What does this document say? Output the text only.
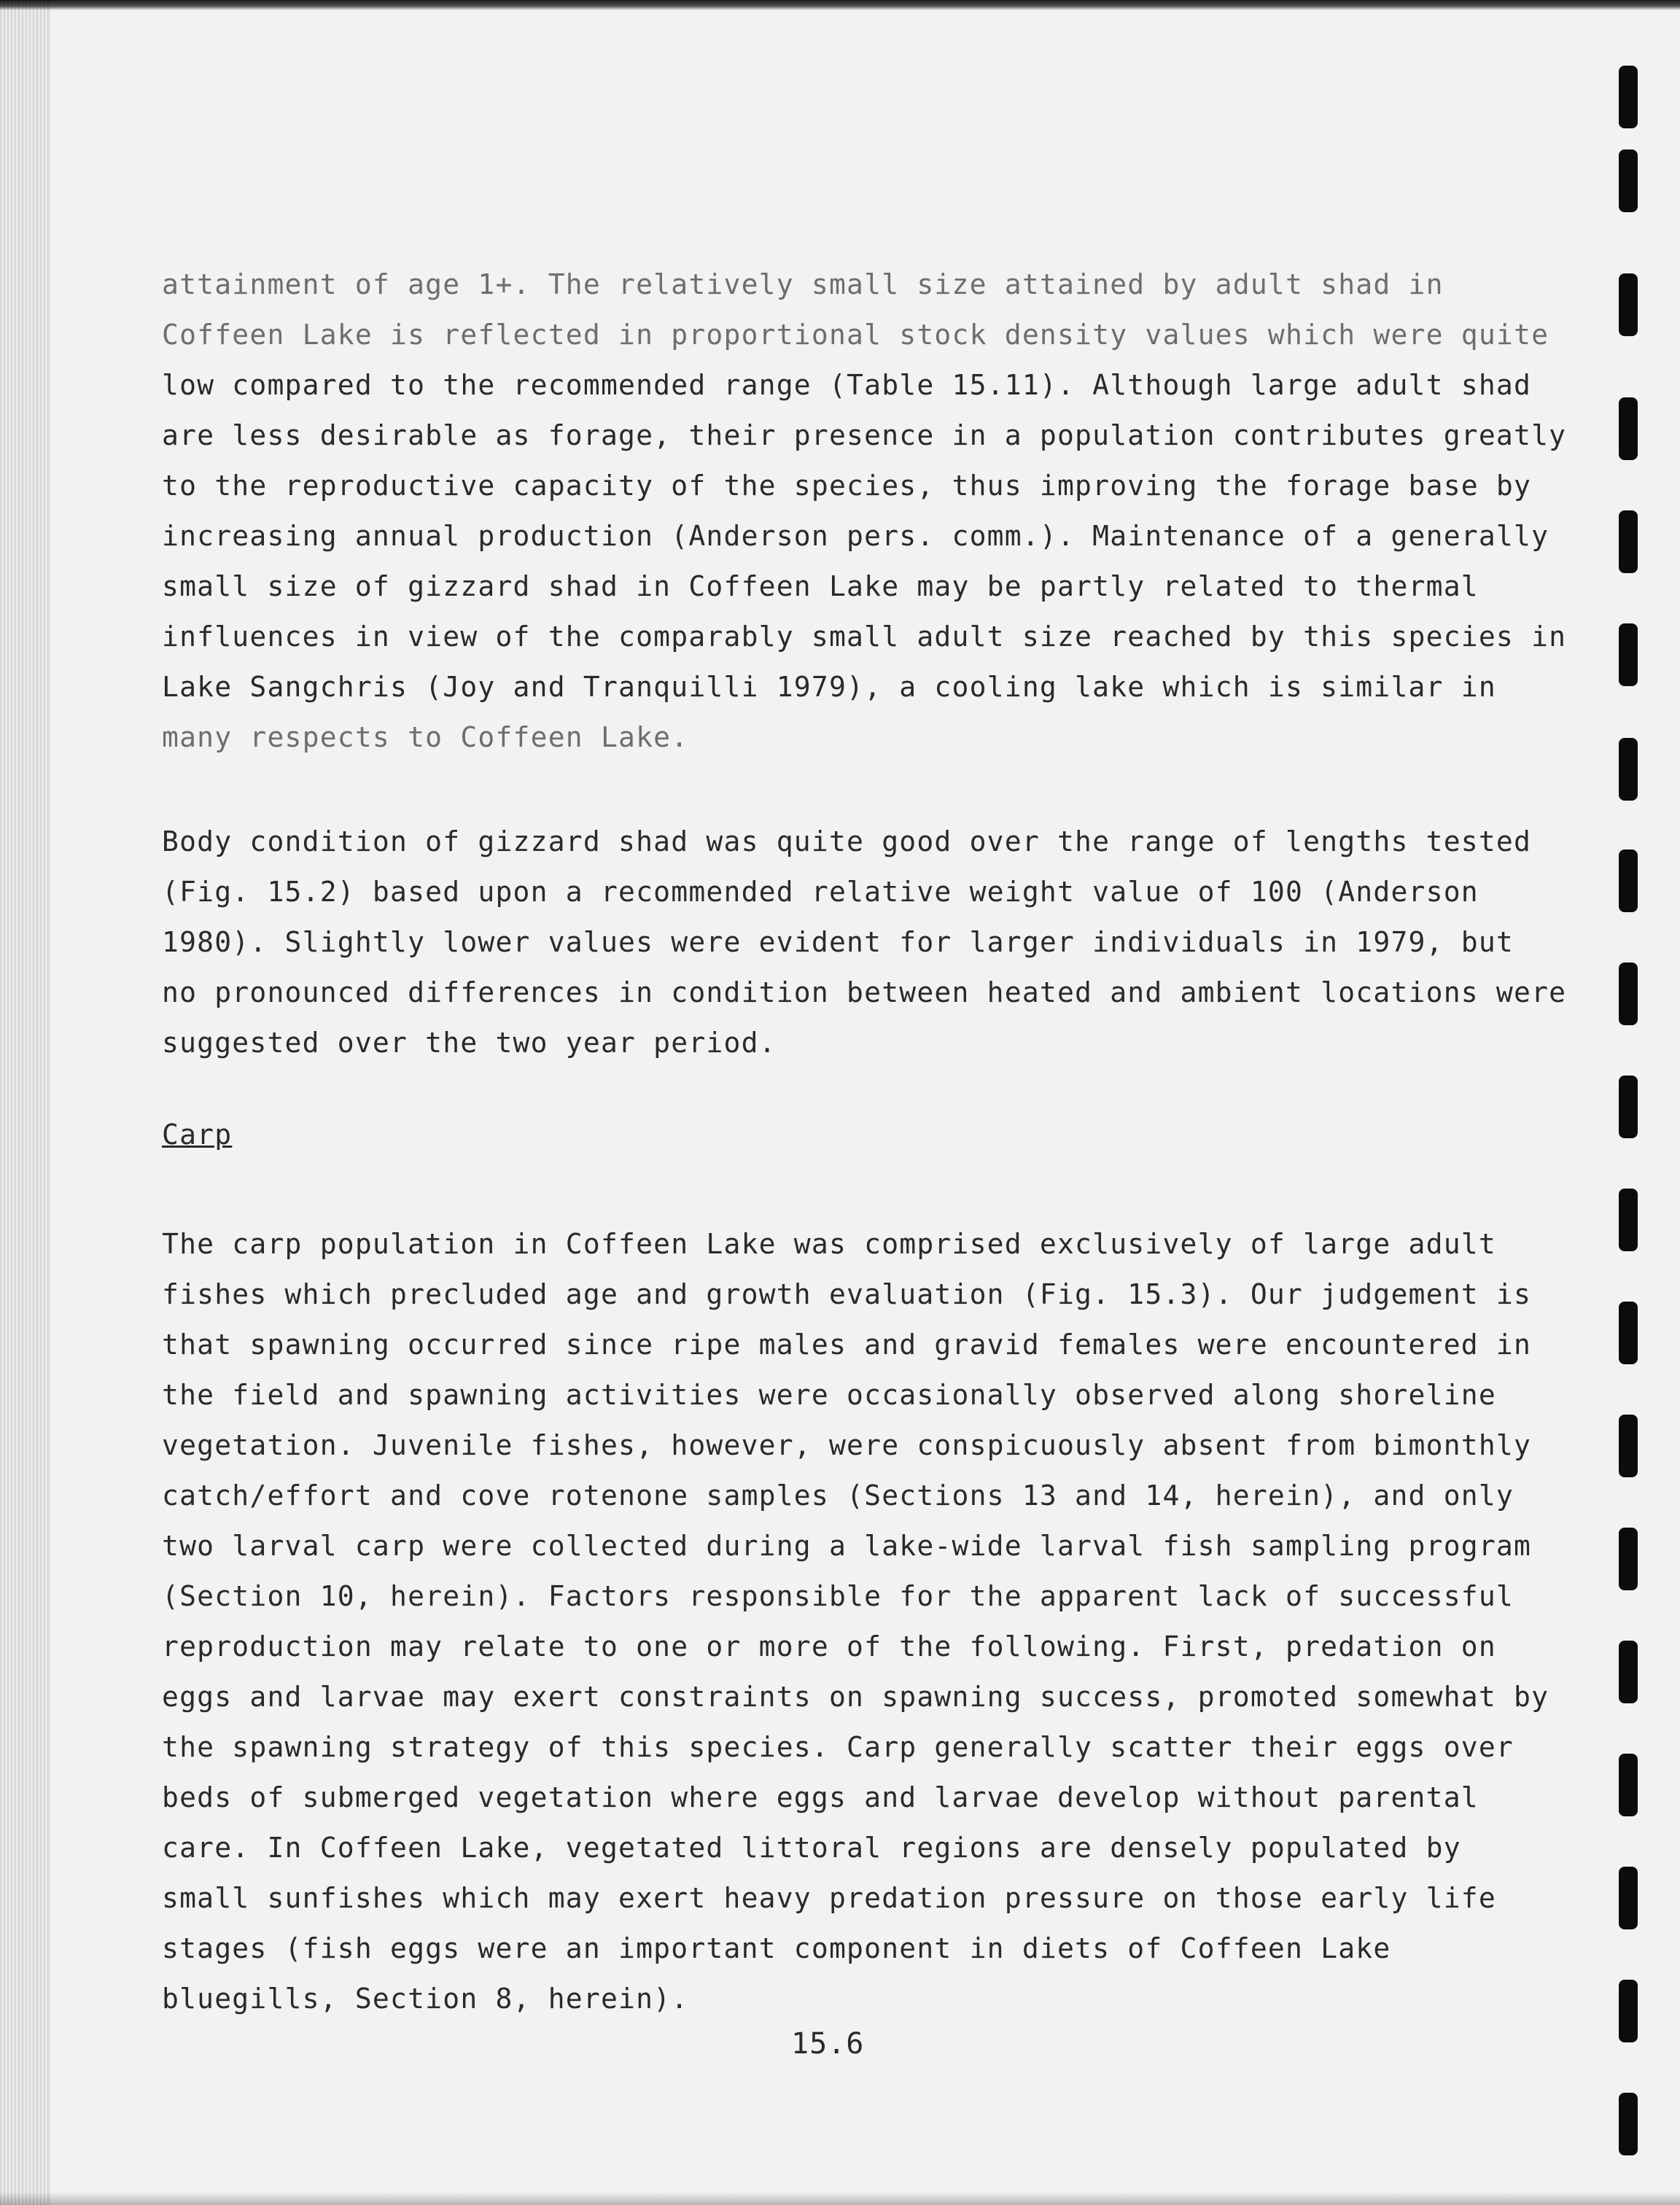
attainment of age 1+. The relatively small size attained by adult shad in
Coffeen Lake is reflected in proportional stock density values which were quite
low compared to the recommended range (Table 15.11). Although large adult shad
are less desirable as forage, their presence in a population contributes greatly
to the reproductive capacity of the species, thus improving the forage base by
increasing annual production (Anderson pers. comm.). Maintenance of a generally
small size of gizzard shad in Coffeen Lake may be partly related to thermal
influences in view of the comparably small adult size reached by this species in
Lake Sangchris (Joy and Tranquilli 1979), a cooling lake which is similar in
many respects to Coffeen Lake.
Body condition of gizzard shad was quite good over the range of lengths tested
(Fig. 15.2) based upon a recommended relative weight value of 100 (Anderson
1980). Slightly lower values were evident for larger individuals in 1979, but
no pronounced differences in condition between heated and ambient locations were
suggested over the two year period.
Carp
The carp population in Coffeen Lake was comprised exclusively of large adult
fishes which precluded age and growth evaluation (Fig. 15.3). Our judgement is
that spawning occurred since ripe males and gravid females were encountered in
the field and spawning activities were occasionally observed along shoreline
vegetation. Juvenile fishes, however, were conspicuously absent from bimonthly
catch/effort and cove rotenone samples (Sections 13 and 14, herein), and only
two larval carp were collected during a lake-wide larval fish sampling program
(Section 10, herein). Factors responsible for the apparent lack of successful
reproduction may relate to one or more of the following. First, predation on
eggs and larvae may exert constraints on spawning success, promoted somewhat by
the spawning strategy of this species. Carp generally scatter their eggs over
beds of submerged vegetation where eggs and larvae develop without parental
care. In Coffeen Lake, vegetated littoral regions are densely populated by
small sunfishes which may exert heavy predation pressure on those early life
stages (fish eggs were an important component in diets of Coffeen Lake
bluegills, Section 8, herein).
15.6
